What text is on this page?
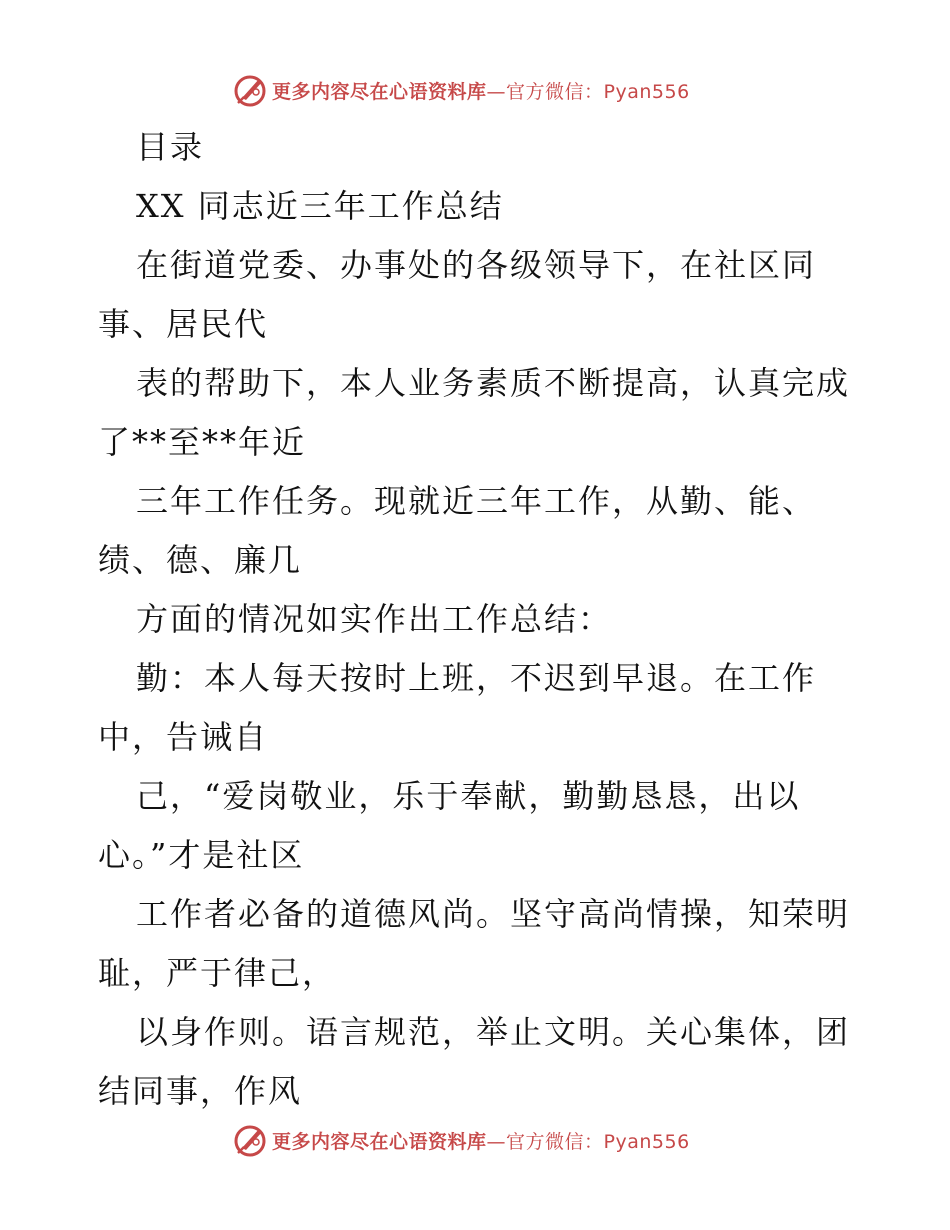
更多内容尽在心语资料库—官方微信：Pyan556
目录
XX 同志近三年工作总结
在街道党委、办事处的各级领导下，在社区同
事、居民代
表的帮助下，本人业务素质不断提高，认真完成
了**至**年近
三年工作任务。现就近三年工作，从勤、能、
绩、德、廉几
方面的情况如实作出工作总结：
勤：本人每天按时上班，不迟到早退。在工作
中，告诫自
己，“爱岗敬业，乐于奉献，勤勤恳恳，出以
心。”才是社区
工作者必备的道德风尚。坚守高尚情操，知荣明
耻，严于律己，
以身作则。语言规范，举止文明。关心集体，团
结同事，作风
更多内容尽在心语资料库—官方微信：Pyan556
